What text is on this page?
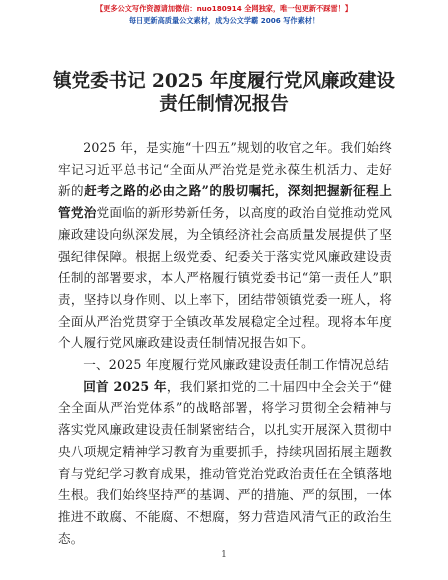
【更多公文写作资源请加微信：nuo180914 全网独家，唯一包更新不踩雷！】
每日更新高质量公文素材，成为公文学霸 2006 写作素材！
镇党委书记 2025 年度履行党风廉政建设责任制情况报告

2025 年，是实施“十四五”规划的收官之年。我们始终牢记习近平总书记“全面从严治党是党永葆生机活力、走好新的赶考之路的必由之路”的殷切嘱托，深刻把握新征程上管党治党面临的新形势新任务，以高度的政治自觉推动党风廉政建设向纵深发展，为全镇经济社会高质量发展提供了坚强纪律保障。根据上级党委、纪委关于落实党风廉政建设责任制的部署要求，本人严格履行镇党委书记“第一责任人”职责，坚持以身作则、以上率下，团结带领镇党委一班人，将全面从严治党贯穿于全镇改革发展稳定全过程。现将本年度个人履行党风廉政建设责任制情况报告如下。

一、2025 年度履行党风廉政建设责任制工作情况总结

回首 2025 年，我们紧扣党的二十届四中全会关于“健全全面从严治党体系”的战略部署，将学习贯彻全会精神与落实党风廉政建设责任制紧密结合，以扎实开展深入贯彻中央八项规定精神学习教育为重要抓手，持续巩固拓展主题教育与党纪学习教育成果，推动管党治党政治责任在全镇落地生根。我们始终坚持严的基调、严的措施、严的氛围，一体推进不敢腐、不能腐、不想腐，努力营造风清气正的政治生态。

1
